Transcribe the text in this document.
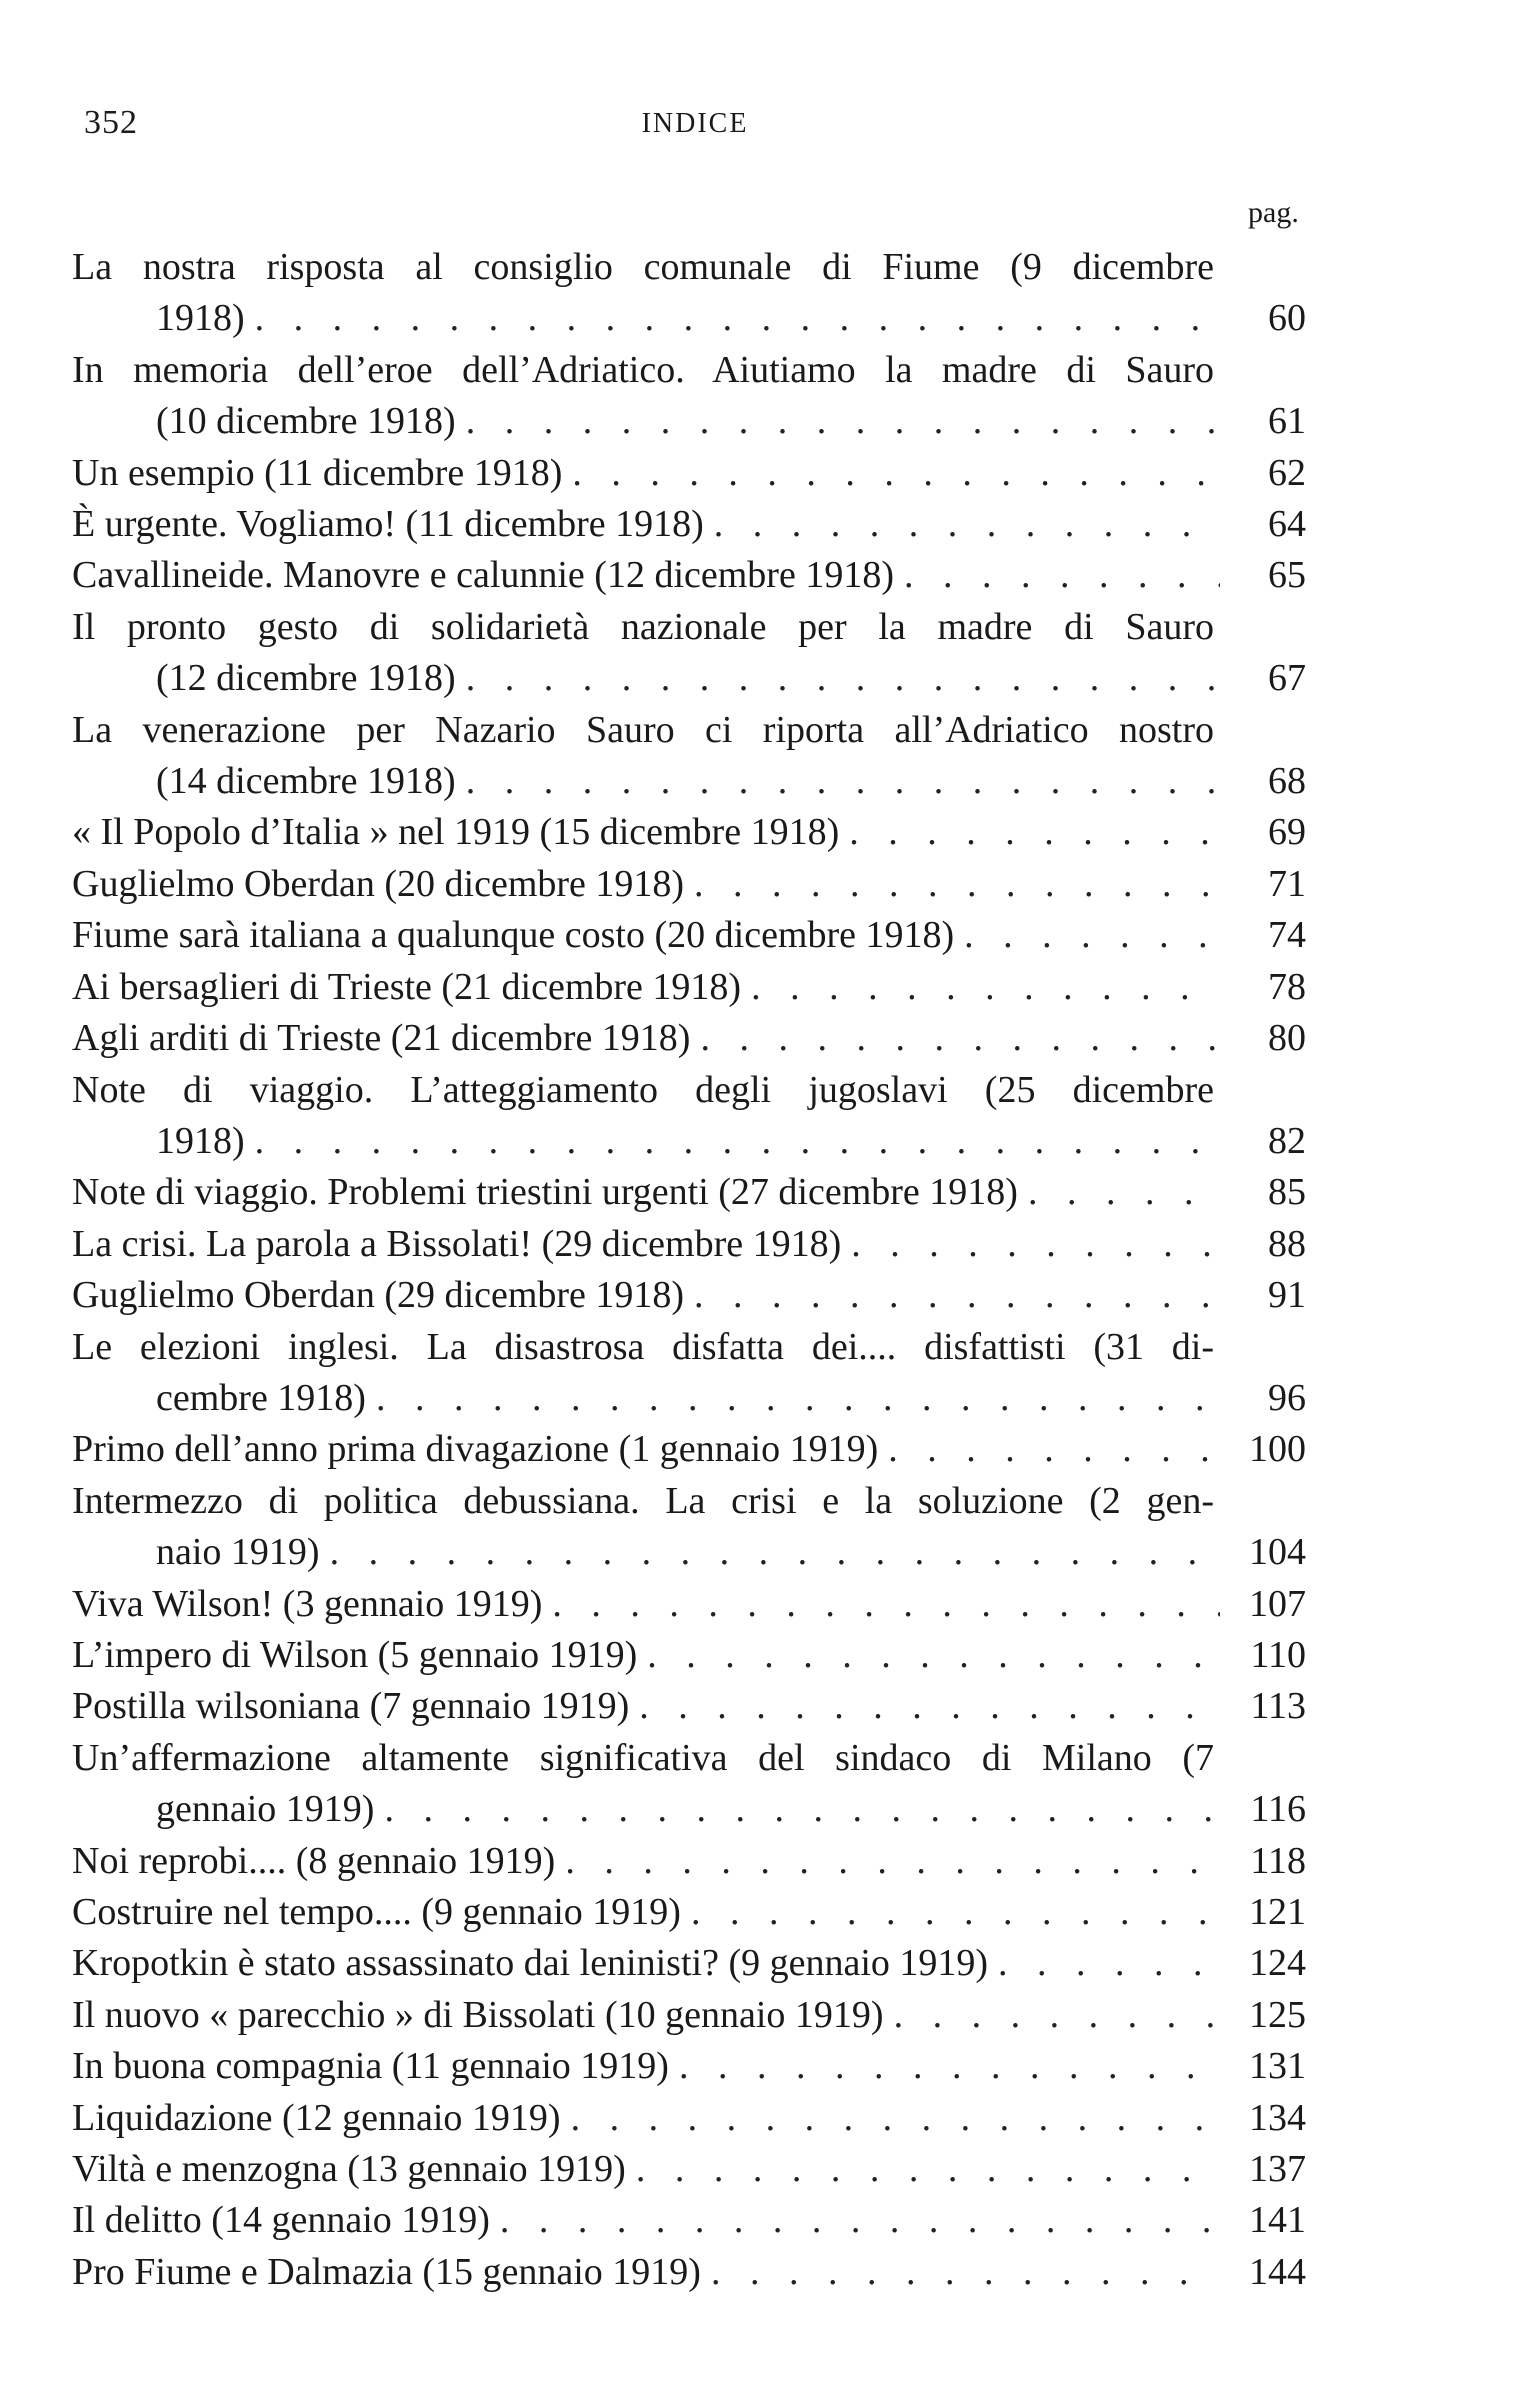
352	INDICE
pag.
La nostra risposta al consiglio comunale di Fiume (9 dicembre
1918) . . .	60
In memoria dell’eroe dell’Adriatico. Aiutiamo la madre di Sauro
(10 dicembre 1918) . . .	61
Un esempio (11 dicembre 1918) . . .	62
È urgente. Vogliamo! (11 dicembre 1918) . . .	64
Cavallineide. Manovre e calunnie (12 dicembre 1918) . . .	65
Il pronto gesto di solidarietà nazionale per la madre di Sauro
(12 dicembre 1918) . . .	67
La venerazione per Nazario Sauro ci riporta all’Adriatico nostro
(14 dicembre 1918) . . .	68
« Il Popolo d’Italia » nel 1919 (15 dicembre 1918) . . .	69
Guglielmo Oberdan (20 dicembre 1918) . . .	71
Fiume sarà italiana a qualunque costo (20 dicembre 1918) . . .	74
Ai bersaglieri di Trieste (21 dicembre 1918) . . .	78
Agli arditi di Trieste (21 dicembre 1918) . . .	80
Note di viaggio. L’atteggiamento degli jugoslavi (25 dicembre
1918) . . .	82
Note di viaggio. Problemi triestini urgenti (27 dicembre 1918) . . .	85
La crisi. La parola a Bissolati! (29 dicembre 1918) . . .	88
Guglielmo Oberdan (29 dicembre 1918) . . .	91
Le elezioni inglesi. La disastrosa disfatta dei.... disfattisti (31 di-
cembre 1918) . . .	96
Primo dell’anno prima divagazione (1 gennaio 1919) . . .	100
Intermezzo di politica debussiana. La crisi e la soluzione (2 gen-
naio 1919) . . .	104
Viva Wilson! (3 gennaio 1919) . . .	107
L’impero di Wilson (5 gennaio 1919) . . .	110
Postilla wilsoniana (7 gennaio 1919) . . .	113
Un’affermazione altamente significativa del sindaco di Milano (7
gennaio 1919) . . .	116
Noi reprobi.... (8 gennaio 1919) . . .	118
Costruire nel tempo.... (9 gennaio 1919) . . .	121
Kropotkin è stato assassinato dai leninisti? (9 gennaio 1919) . . .	124
Il nuovo « parecchio » di Bissolati (10 gennaio 1919) . . .	125
In buona compagnia (11 gennaio 1919) . . .	131
Liquidazione (12 gennaio 1919) . . .	134
Viltà e menzogna (13 gennaio 1919) . . .	137
Il delitto (14 gennaio 1919) . . .	141
Pro Fiume e Dalmazia (15 gennaio 1919) . . .	144
